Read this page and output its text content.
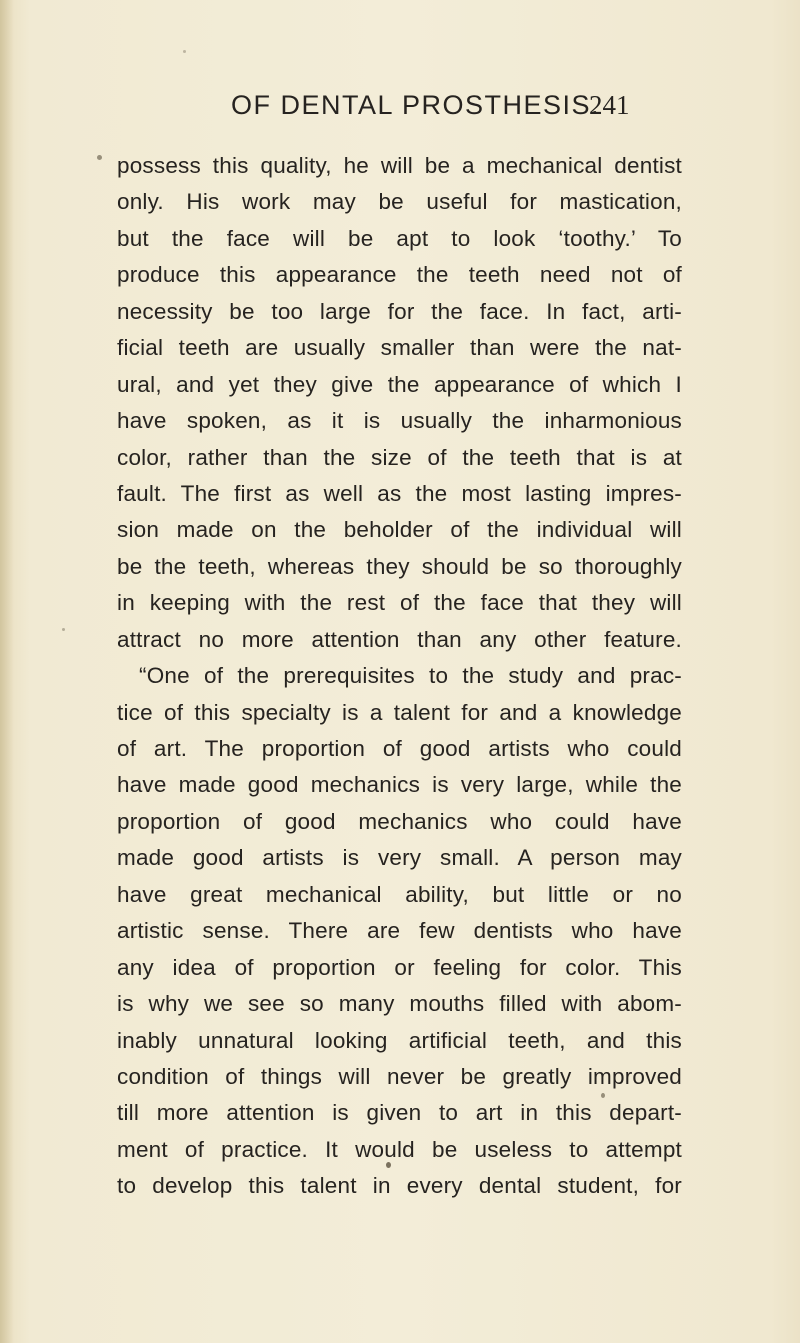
OF DENTAL PROSTHESIS.
241
possess this quality, he will be a mechanical dentist
only. His work may be useful for mastication,
but the face will be apt to look ‘toothy.’ To
produce this appearance the teeth need not of
necessity be too large for the face. In fact, arti-
ficial teeth are usually smaller than were the nat-
ural, and yet they give the appearance of which I
have spoken, as it is usually the inharmonious
color, rather than the size of the teeth that is at
fault. The first as well as the most lasting impres-
sion made on the beholder of the individual will
be the teeth, whereas they should be so thoroughly
in keeping with the rest of the face that they will
attract no more attention than any other feature.
“One of the prerequisites to the study and prac-
tice of this specialty is a talent for and a knowledge
of art. The proportion of good artists who could
have made good mechanics is very large, while the
proportion of good mechanics who could have
made good artists is very small. A person may
have great mechanical ability, but little or no
artistic sense. There are few dentists who have
any idea of proportion or feeling for color. This
is why we see so many mouths filled with abom-
inably unnatural looking artificial teeth, and this
condition of things will never be greatly improved
till more attention is given to art in this depart-
ment of practice. It would be useless to attempt
to develop this talent in every dental student, for
